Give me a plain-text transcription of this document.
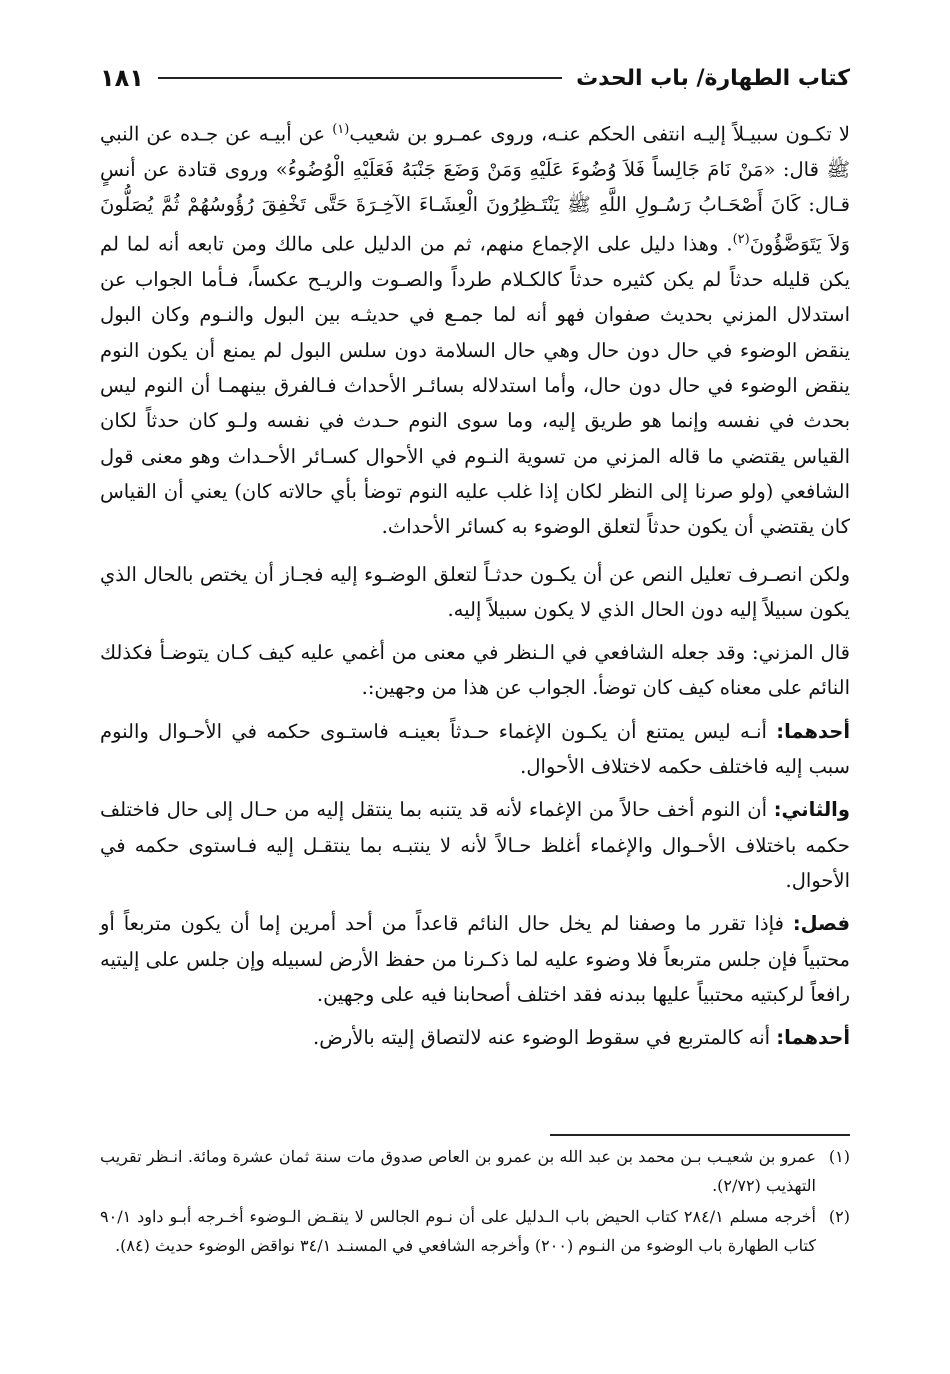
كتاب الطهارة/ باب الحدث
١٨١

لا تكـون سبيـلاً إليـه انتفى الحكم عنـه، وروى عمـرو بن شعيب$^{(١)}$ عن أبيـه عن جـده عن النبي ﷺ قال: «مَنْ نَامَ جَالِساً فَلاَ وُضُوءَ عَلَيْهِ وَمَنْ وَضَعَ جَنْبَهُ فَعَلَيْهِ الْوُضُوءُ» وروى قتادة عن أنسٍ قـال: كَانَ أَصْحَـابُ رَسُـولِ اللَّهِ ﷺ يَنْتَـظِرُونَ الْعِشَـاءَ الآخِـرَةَ حَتَّى تَخْفِقَ رُؤُوسُهُمْ ثُمَّ يُصَلُّونَ وَلاَ يَتَوَضَّؤُونَ$^{(٢)}$. وهذا دليل على الإجماع منهم، ثم من الدليل على مالك ومن تابعه أنه لما لم يكن قليله حدثاً لم يكن كثيره حدثاً كالكـلام طرداً والصـوت والريـح عكساً، فـأما الجواب عن استدلال المزني بحديث صفوان فهو أنه لما جمـع في حديثـه بين البول والنـوم وكان البول ينقض الوضوء في حال دون حال وهي حال السلامة دون سلس البول لم يمنع أن يكون النوم ينقض الوضوء في حال دون حال، وأما استدلاله بسائـر الأحداث فـالفرق بينهمـا أن النوم ليس بحدث في نفسه وإنما هو طريق إليه، وما سوى النوم حـدث في نفسه ولـو كان حدثاً لكان القياس يقتضي ما قاله المزني من تسوية النـوم في الأحوال كسـائر الأحـداث وهو معنى قول الشافعي (ولو صرنا إلى النظر لكان إذا غلب عليه النوم توضأ بأي حالاته كان) يعني أن القياس كان يقتضي أن يكون حدثاً لتعلق الوضوء به كسائر الأحداث.

ولكن انصـرف تعليل النص عن أن يكـون حدثـاً لتعلق الوضـوء إليه فجـاز أن يختص بالحال الذي يكون سبيلاً إليه دون الحال الذي لا يكون سبيلاً إليه.

قال المزني: وقد جعله الشافعي في الـنظر في معنى من أغمي عليه كيف كـان يتوضـأ فكذلك النائم على معناه كيف كان توضأ. الجواب عن هذا من وجهين:.

أحدهما: أنـه ليس يمتنع أن يكـون الإغماء حـدثاً بعينـه فاستـوى حكمه في الأحـوال والنوم سبب إليه فاختلف حكمه لاختلاف الأحوال.

والثاني: أن النوم أخف حالاً من الإغماء لأنه قد يتنبه بما ينتقل إليه من حـال إلى حال فاختلف حكمه باختلاف الأحـوال والإغماء أغلظ حـالاً لأنه لا ينتبـه بما ينتقـل إليه فـاستوى حكمه في الأحوال.

فصل: فإذا تقرر ما وصفنا لم يخل حال النائم قاعداً من أحد أمرين إما أن يكون متربعاً أو محتبياً فإن جلس متربعاً فلا وضوء عليه لما ذكـرنا من حفظ الأرض لسبيله وإن جلس على إليتيه رافعاً لركبتيه محتبياً عليها ببدنه فقد اختلف أصحابنا فيه على وجهين.

أحدهما: أنه كالمتربع في سقوط الوضوء عنه لالتصاق إليته بالأرض.

(١)
عمرو بن شعيـب بـن محمد بن عبد الله بن عمرو بن العاص صدوق مات سنة ثمان عشرة ومائة. انـظر تقريب التهذيب (٢/٧٢).
(٢)
أخرجه مسلم ٢٨٤/١ كتاب الحيض باب الـدليل على أن نـوم الجالس لا ينقـض الـوضوء أخـرجه أبـو داود ٩٠/١ كتاب الطهارة باب الوضوء من النـوم (٢٠٠) وأخرجه الشافعي في المسنـد ٣٤/١ نواقض الوضوء حديث (٨٤).
